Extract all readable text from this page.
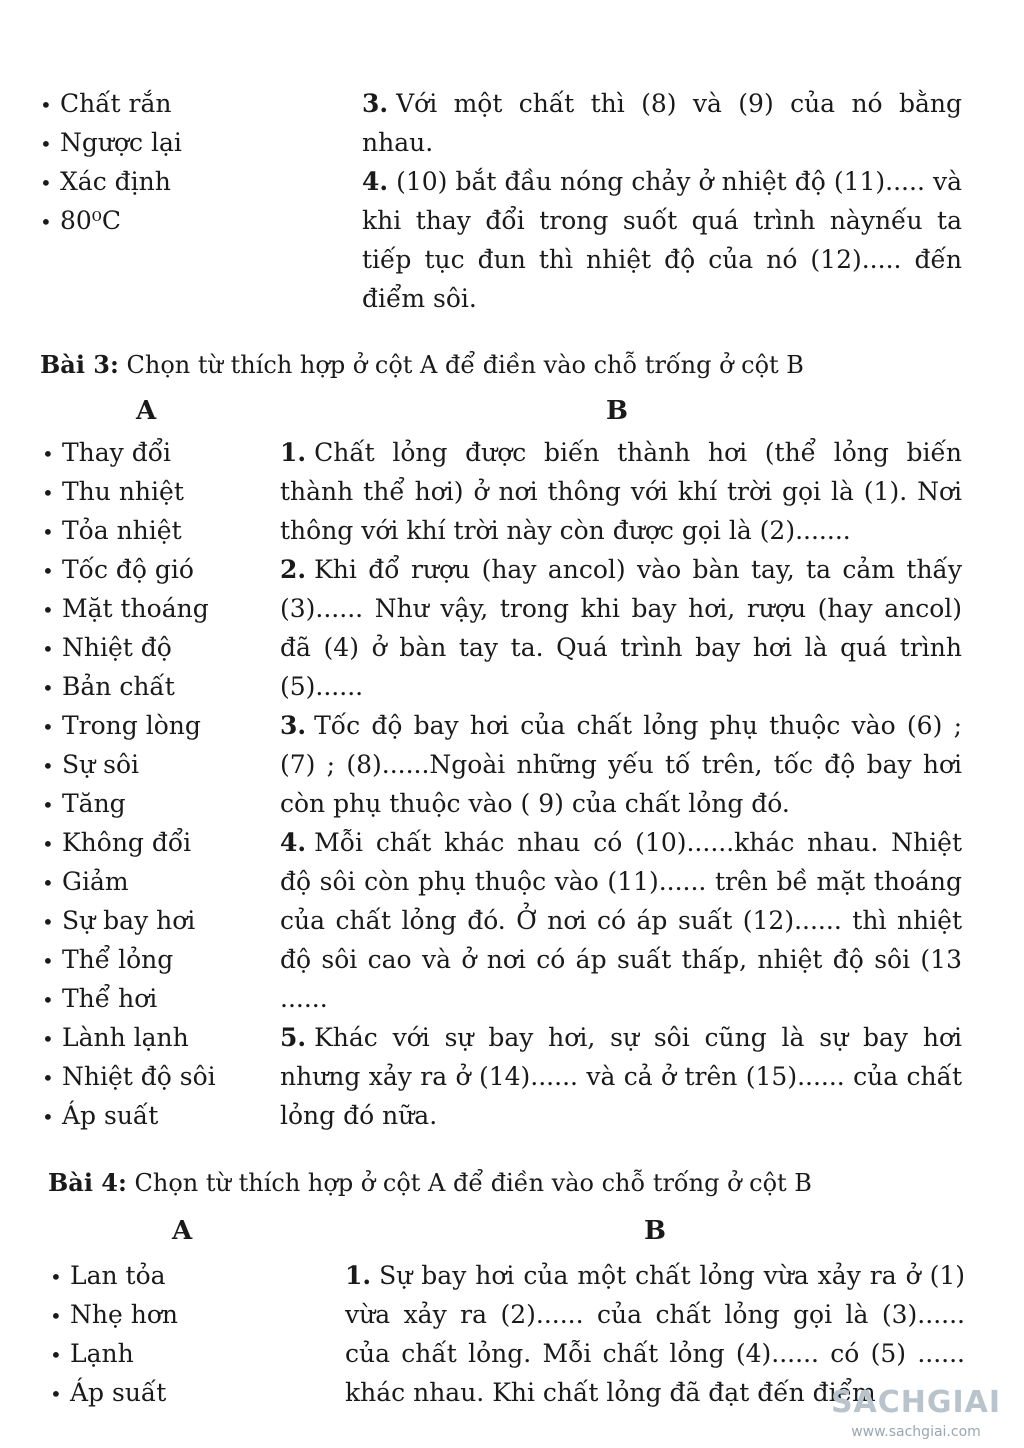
• Chất rắn
• Ngược lại
• Xác định
• 80⁰C

3. Với một chất thì (8) và (9) của nó bằng nhau.

4. (10) bắt đầu nóng chảy ở nhiệt độ (11)..... và khi thay đổi trong suốt quá trình nàynếu ta tiếp tục đun thì nhiệt độ của nó (12)..... đến điểm sôi.

Bài 3: Chọn từ thích hợp ở cột A để điền vào chỗ trống ở cột B
A	B
• Thay đổi
• Thu nhiệt
• Tỏa nhiệt
• Tốc độ gió
• Mặt thoáng
• Nhiệt độ
• Bản chất
• Trong lòng
• Sự sôi
• Tăng
• Không đổi
• Giảm
• Sự bay hơi
• Thể lỏng
• Thể hơi
• Lành lạnh
• Nhiệt độ sôi
• Áp suất

1. Chất lỏng được biến thành hơi (thể lỏng biến thành thể hơi) ở nơi thông với khí trời gọi là (1). Nơi thông với khí trời này còn được gọi là (2).......

2. Khi đổ rượu (hay ancol) vào bàn tay, ta cảm thấy (3)...... Như vậy, trong khi bay hơi, rượu (hay ancol) đã (4) ở bàn tay ta. Quá trình bay hơi là quá trình (5)......

3. Tốc độ bay hơi của chất lỏng phụ thuộc vào (6) ; (7) ; (8)......Ngoài những yếu tố trên, tốc độ bay hơi còn phụ thuộc vào ( 9) của chất lỏng đó.

4. Mỗi chất khác nhau có (10)......khác nhau. Nhiệt độ sôi còn phụ thuộc vào (11)...... trên bề mặt thoáng của chất lỏng đó. Ở nơi có áp suất (12)...... thì nhiệt độ sôi cao và ở nơi có áp suất thấp, nhiệt độ sôi (13 ......

5. Khác với sự bay hơi, sự sôi cũng là sự bay hơi nhưng xảy ra ở (14)...... và cả ở trên (15)...... của chất lỏng đó nữa.

Bài 4: Chọn từ thích hợp ở cột A để điền vào chỗ trống ở cột B
A	B
• Lan tỏa
• Nhẹ hơn
• Lạnh
• Áp suất

1. Sự bay hơi của một chất lỏng vừa xảy ra ở (1) vừa xảy ra (2)...... của chất lỏng gọi là (3)...... của chất lỏng. Mỗi chất lỏng (4)...... có (5) ...... khác nhau. Khi chất lỏng đã đạt đến điểm

SACHGIAI
www.sachgiai.com
